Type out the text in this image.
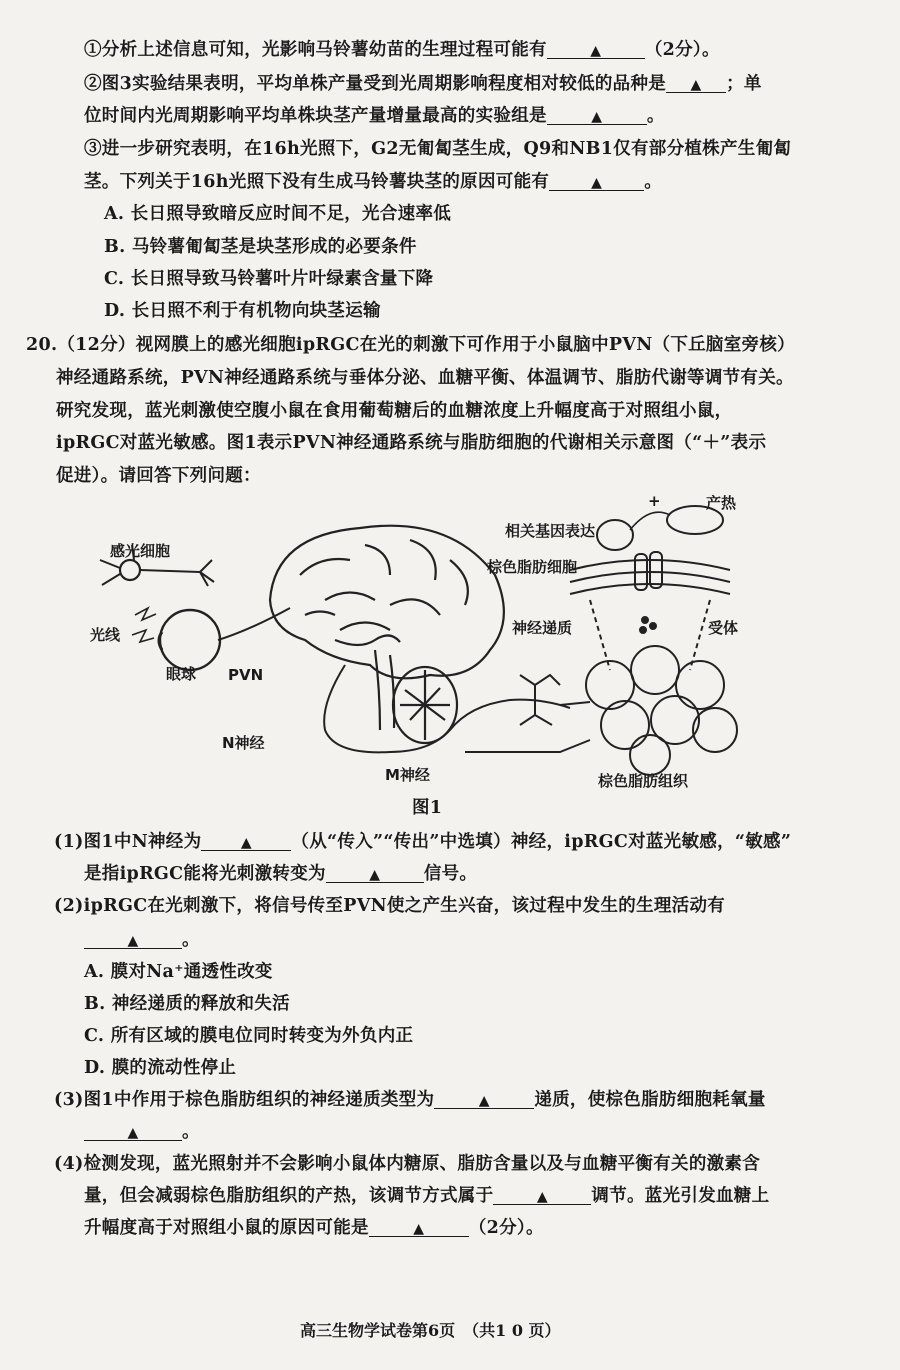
①分析上述信息可知，光影响马铃薯幼苗的生理过程可能有	▲ （2分）。
②图3实验结果表明，平均单株产量受到光周期影响程度相对较低的品种是 ▲ ；单
位时间内光周期影响平均单株块茎产量增量最高的实验组是	▲	。
③进一步研究表明，在16h光照下，G2无匍匐茎生成，Q9和NB1仅有部分植株产生匍匐
茎。下列关于16h光照下没有生成马铃薯块茎的原因可能有	▲ 。
A. 长日照导致暗反应时间不足，光合速率低
B. 马铃薯匍匐茎是块茎形成的必要条件
C. 长日照导致马铃薯叶片叶绿素含量下降
D. 长日照不利于有机物向块茎运输
20.（12分）视网膜上的感光细胞ipRGC在光的刺激下可作用于小鼠脑中PVN（下丘脑室旁核）
神经通路系统，PVN神经通路系统与垂体分泌、血糖平衡、体温调节、脂肪代谢等调节有关。
研究发现，蓝光刺激使空腹小鼠在食用葡萄糖后的血糖浓度上升幅度高于对照组小鼠，
ipRGC对蓝光敏感。图1表示PVN神经通路系统与脂肪细胞的代谢相关示意图（“＋”表示
促进）。请回答下列问题：
感光细胞
光线
眼球 PVN
N神经
M神经
相关基因表达
+	产热
棕色脂肪细胞
神经递质	受体
棕色脂肪组织
图1
(1)图1中N神经为	▲ （从“传入”“传出”中选填）神经，ipRGC对蓝光敏感，“敏感”
是指ipRGC能将光刺激转变为	▲ 信号。
(2)ipRGC在光刺激下，将信号传至PVN使之产生兴奋，该过程中发生的生理活动有
▲ 。
A. 膜对Na⁺通透性改变
B. 神经递质的释放和失活
C. 所有区域的膜电位同时转变为外负内正
D. 膜的流动性停止
(3)图1中作用于棕色脂肪组织的神经递质类型为	▲	递质，使棕色脂肪细胞耗氧量
▲ 。
(4)检测发现，蓝光照射并不会影响小鼠体内糖原、脂肪含量以及与血糖平衡有关的激素含
量，但会减弱棕色脂肪组织的产热，该调节方式属于	▲ 调节。蓝光引发血糖上
升幅度高于对照组小鼠的原因可能是	▲	（2分）。
高三生物学试卷第6页　（共1 0 页）
